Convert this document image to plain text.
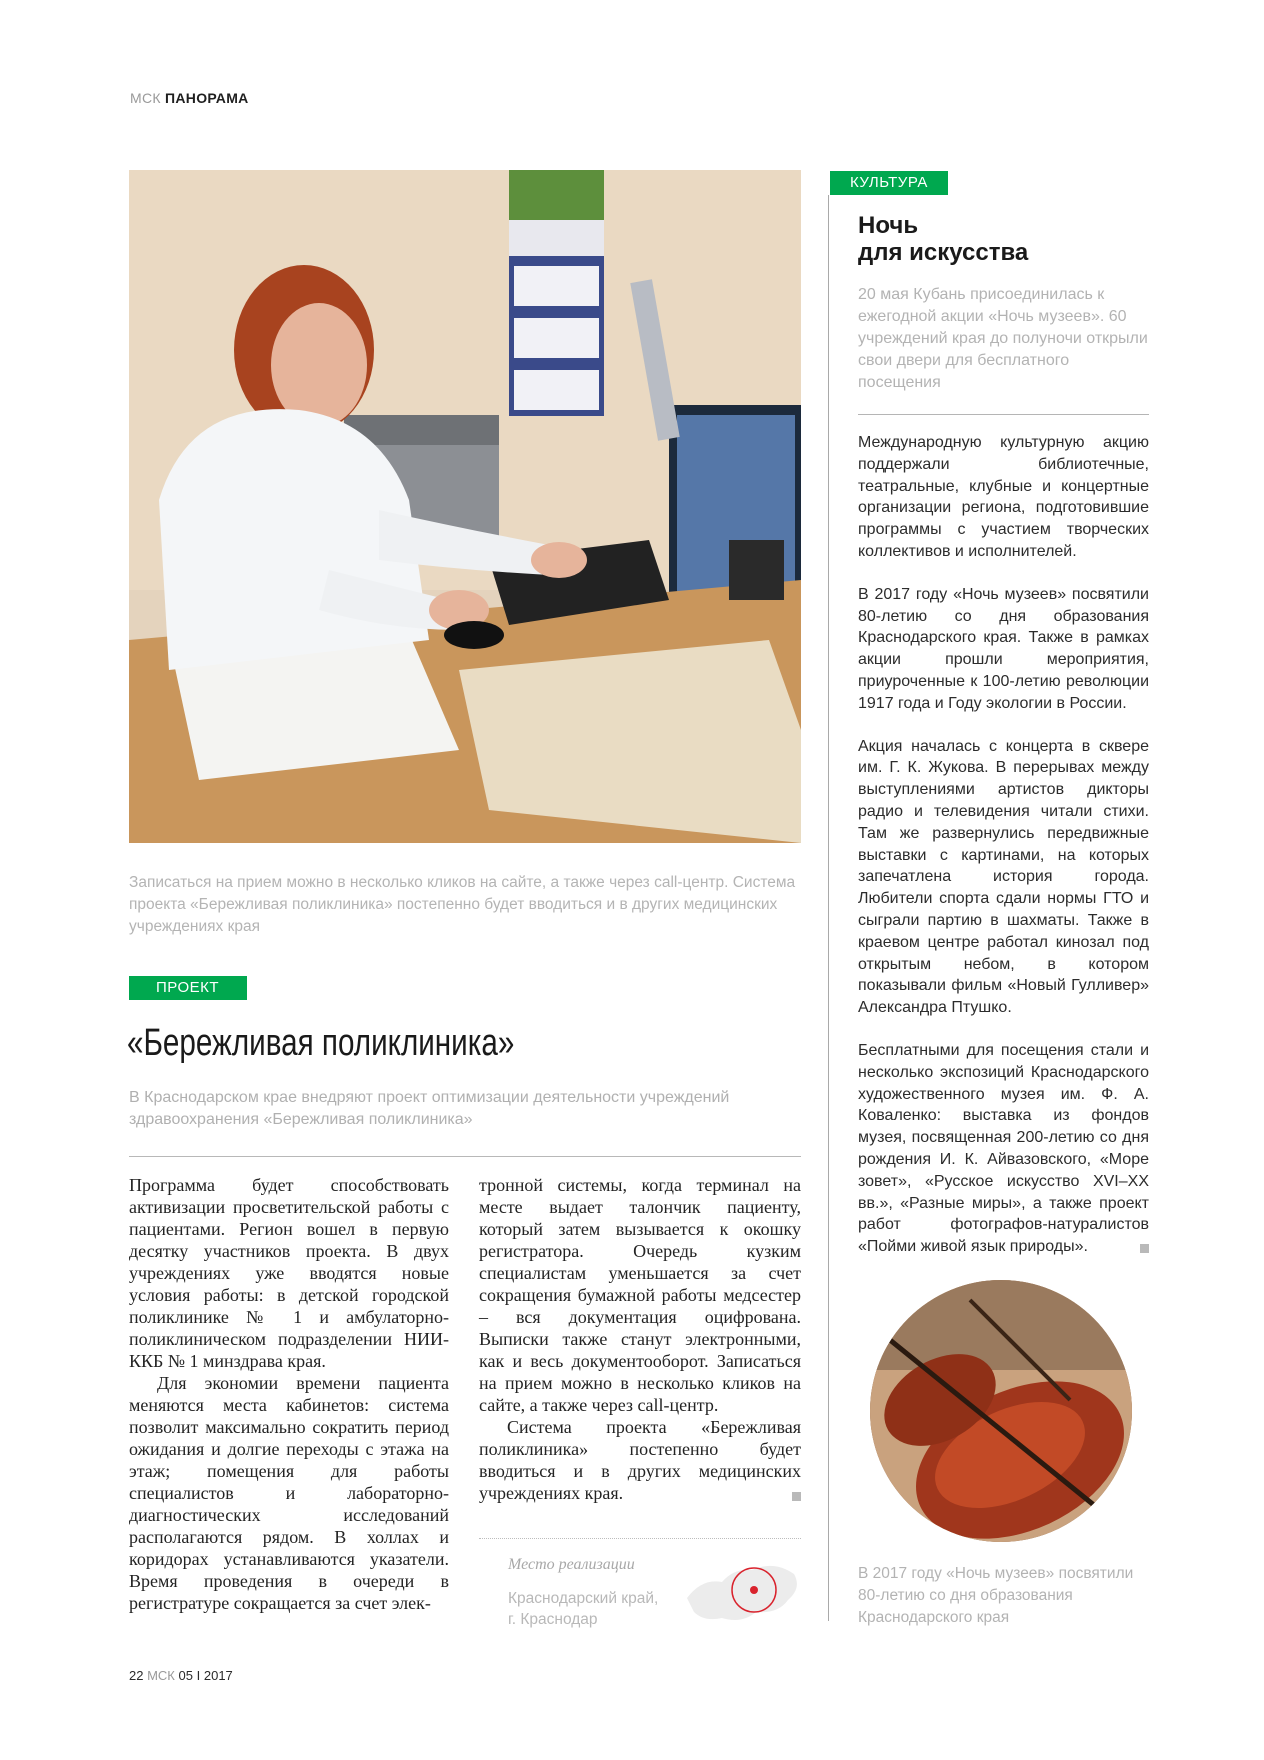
МСК ПАНОРАМА
Записаться на прием можно в несколько кликов на сайте, а также через call-центр. Система проекта «Бережливая поликлиника» постепенно будет вводиться и в других медицинских учреждениях края
ПРОЕКТ
«Бережливая поликлиника»
В Краснодарском крае внедряют проект оптимизации деятельности учреждений здравоохранения «Бережливая поликлиника»

Программа будет способствовать активизации просветительской работы с пациентами. Регион вошел в первую десятку участников проекта. В двух учреждениях уже вводятся новые условия работы: в детской городской поликлинике № 1 и амбулаторно-поликлиническом подразделении НИИ-ККБ № 1 минздрава края.

Для экономии времени пациента меняются места кабинетов: система позволит максимально сократить период ожидания и долгие переходы с этажа на этаж; помещения для работы специалистов и лабораторно-диагностических исследований располагаются рядом. В холлах и коридорах устанавливаются указатели. Время проведения в очереди в регистратуре сокращается за счет элек-

тронной системы, когда терминал на месте выдает талончик пациенту, который затем вызывается к окошку регистратора. Очередь кузким специалистам уменьшается за счет сокращения бумажной работы медсестер – вся документация оцифрована. Выписки также станут электронными, как и весь документооборот. Записаться на прием можно в несколько кликов на сайте, а также через call-центр.

Система проекта «Бережливая поликлиника» постепенно будет вводиться и в других медицинских учреждениях края.

Место реализации
Краснодарский край,
г. Краснодар
КУЛЬТУРА
Ночь
для искусства
20 мая Кубань присоединилась к ежегодной акции «Ночь музеев». 60 учреждений края до полуночи открыли свои двери для бесплатного посещения

Международную культурную акцию поддержали библиотечные, театральные, клубные и концертные организации региона, подготовившие программы с участием творческих коллективов и исполнителей.

В 2017 году «Ночь музеев» посвятили 80-летию со дня образования Краснодарского края. Также в рамках акции прошли мероприятия, приуроченные к 100-летию революции 1917 года и Году экологии в России.

Акция началась с концерта в сквере им. Г. К. Жукова. В перерывах между выступлениями артистов дикторы радио и телевидения читали стихи. Там же развернулись передвижные выставки с картинами, на которых запечатлена история города. Любители спорта сдали нормы ГТО и сыграли партию в шахматы. Также в краевом центре работал кинозал под открытым небом, в котором показывали фильм «Новый Гулливер» Александра Птушко.

Бесплатными для посещения стали и несколько экспозиций Краснодарского художественного музея им. Ф. А. Коваленко: выставка из фондов музея, посвященная 200-летию со дня рождения И. К. Айвазовского, «Море зовет», «Русское искусство XVI–XX вв.», «Разные миры», а также проект работ фотографов-натуралистов «Пойми живой язык природы».

В 2017 году «Ночь музеев» посвятили 80-летию со дня образования Краснодарского края
22 МСК 05 I 2017
